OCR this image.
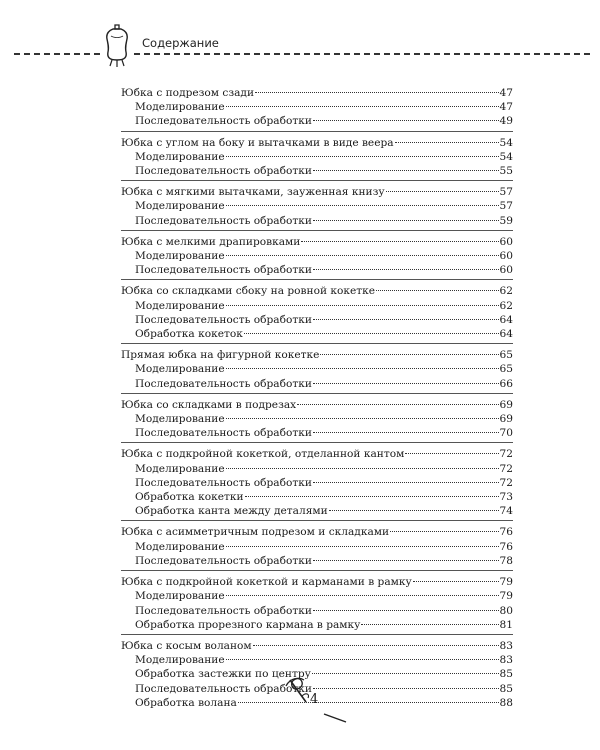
Содержание
Юбка с подрезом сзади	47
Моделирование	47
Последовательность обработки	49
Юбка с углом на боку и вытачками в виде веера	54
Моделирование	54
Последовательность обработки	55
Юбка с мягкими вытачками, зауженная книзу	57
Моделирование	57
Последовательность обработки	59
Юбка с мелкими драпировками	60
Моделирование	60
Последовательность обработки	60
Юбка со складками сбоку на ровной кокетке	62
Моделирование	62
Последовательность обработки	64
Обработка кокеток	64
Прямая юбка на фигурной кокетке	65
Моделирование	65
Последовательность обработки	66
Юбка со складками в подрезах	69
Моделирование	69
Последовательность обработки	70
Юбка с подкройной кокеткой, отделанной кантом	72
Моделирование	72
Последовательность обработки	72
Обработка кокетки	73
Обработка канта между деталями	74
Юбка с асимметричным подрезом и складками	76
Моделирование	76
Последовательность обработки	78
Юбка с подкройной кокеткой и карманами в рамку	79
Моделирование	79
Последовательность обработки	80
Обработка прорезного кармана в рамку	81
Юбка с косым воланом	83
Моделирование	83
Обработка застежки по центру	85
Последовательность обработки	85
Обработка волана	88
4
